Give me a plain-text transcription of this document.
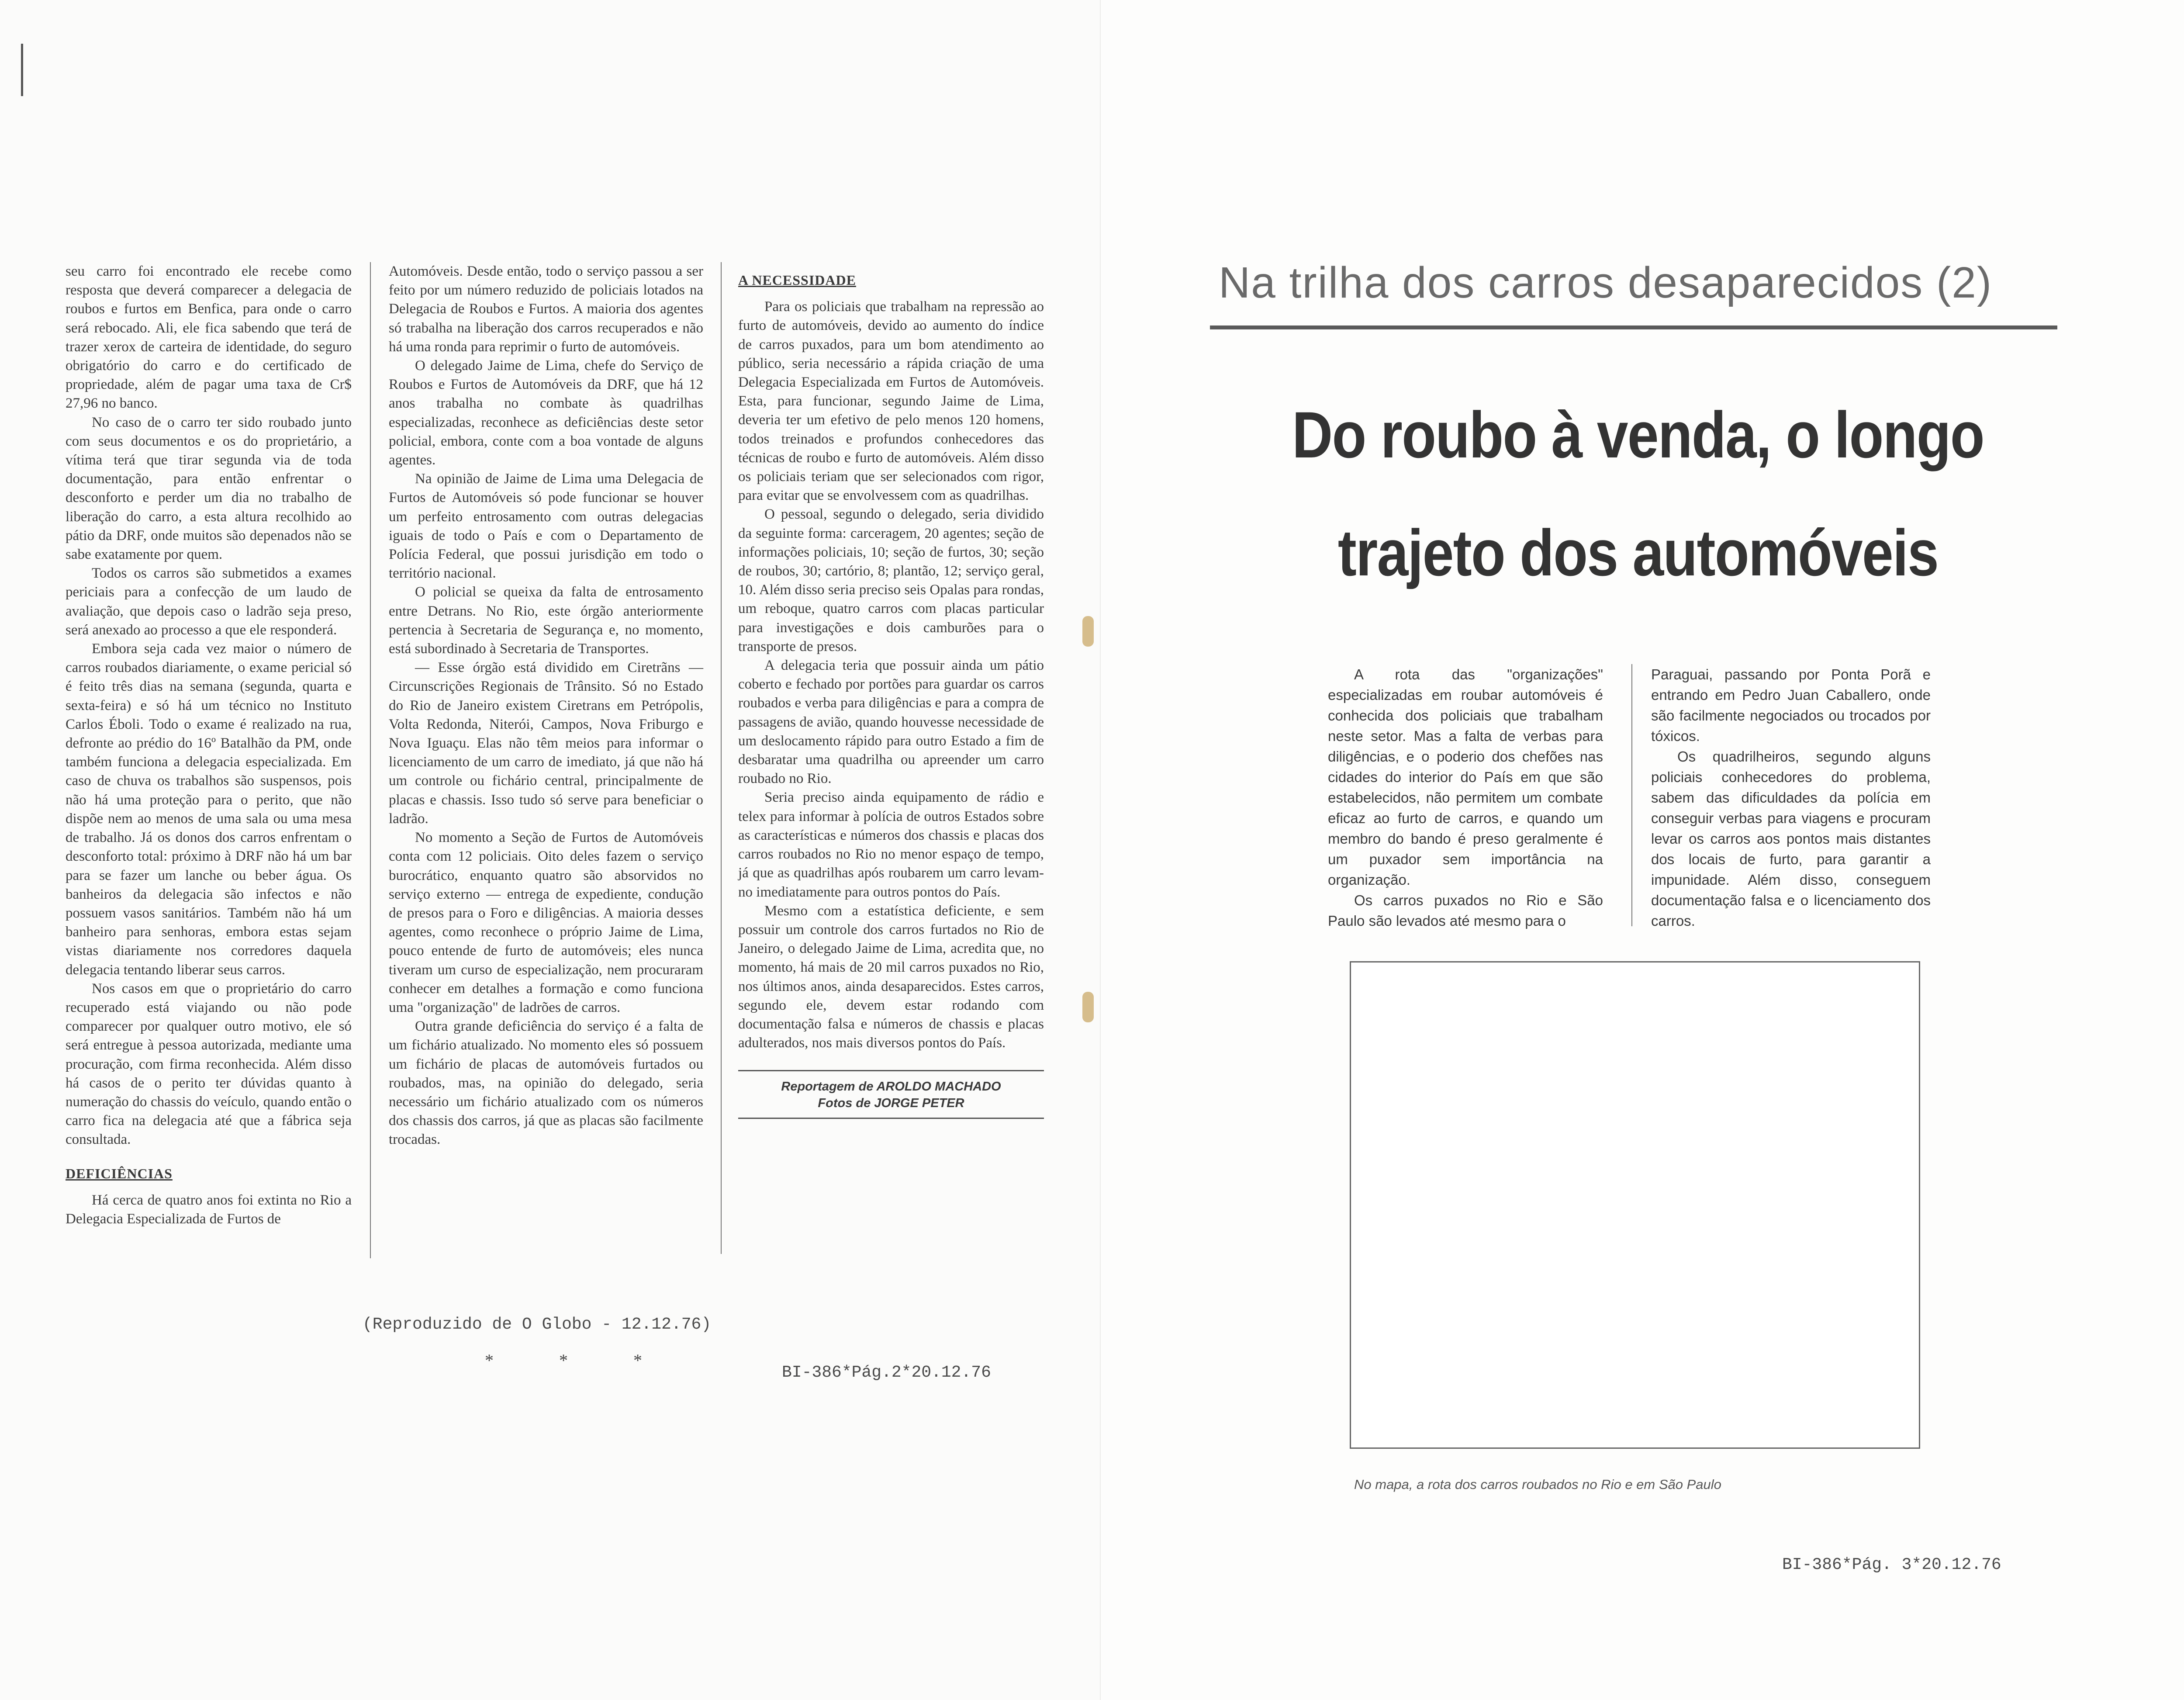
seu carro foi encontrado ele recebe como resposta que deverá comparecer a delegacia de roubos e furtos em Benfica, para onde o carro será rebocado. Ali, ele fica sabendo que terá de trazer xerox de carteira de identidade, do seguro obrigatório do carro e do certificado de propriedade, além de pagar uma taxa de Cr$ 27,96 no banco.

No caso de o carro ter sido roubado junto com seus documentos e os do proprietário, a vítima terá que tirar segunda via de toda documentação, para então enfrentar o desconforto e perder um dia no trabalho de liberação do carro, a esta altura recolhido ao pátio da DRF, onde muitos são depenados não se sabe exatamente por quem.

Todos os carros são submetidos a exames periciais para a confecção de um laudo de avaliação, que depois caso o ladrão seja preso, será anexado ao processo a que ele responderá.

Embora seja cada vez maior o número de carros roubados diariamente, o exame pericial só é feito três dias na semana (segunda, quarta e sexta-feira) e só há um técnico no Instituto Carlos Éboli. Todo o exame é realizado na rua, defronte ao prédio do 16º Batalhão da PM, onde também funciona a delegacia especializada. Em caso de chuva os trabalhos são suspensos, pois não há uma proteção para o perito, que não dispõe nem ao menos de uma sala ou uma mesa de trabalho. Já os donos dos carros enfrentam o desconforto total: próximo à DRF não há um bar para se fazer um lanche ou beber água. Os banheiros da delegacia são infectos e não possuem vasos sanitários. Também não há um banheiro para senhoras, embora estas sejam vistas diariamente nos corredores daquela delegacia tentando liberar seus carros.

Nos casos em que o proprietário do carro recuperado está viajando ou não pode comparecer por qualquer outro motivo, ele só será entregue à pessoa autorizada, mediante uma procuração, com firma reconhecida. Além disso há casos de o perito ter dúvidas quanto à numeração do chassis do veículo, quando então o carro fica na delegacia até que a fábrica seja consultada.

DEFICIÊNCIAS

Há cerca de quatro anos foi extinta no Rio a Delegacia Especializada de Furtos de

Automóveis. Desde então, todo o serviço passou a ser feito por um número reduzido de policiais lotados na Delegacia de Roubos e Furtos. A maioria dos agentes só trabalha na liberação dos carros recuperados e não há uma ronda para reprimir o furto de automóveis.

O delegado Jaime de Lima, chefe do Serviço de Roubos e Furtos de Automóveis da DRF, que há 12 anos trabalha no combate às quadrilhas especializadas, reconhece as deficiências deste setor policial, embora, conte com a boa vontade de alguns agentes.

Na opinião de Jaime de Lima uma Delegacia de Furtos de Automóveis só pode funcionar se houver um perfeito entrosamento com outras delegacias iguais de todo o País e com o Departamento de Polícia Federal, que possui jurisdição em todo o território nacional.

O policial se queixa da falta de entrosamento entre Detrans. No Rio, este órgão anteriormente pertencia à Secretaria de Segurança e, no momento, está subordinado à Secretaria de Transportes.

— Esse órgão está dividido em Ciretrãns — Circunscrições Regionais de Trânsito. Só no Estado do Rio de Janeiro existem Ciretrans em Petrópolis, Volta Redonda, Niterói, Campos, Nova Friburgo e Nova Iguaçu. Elas não têm meios para informar o licenciamento de um carro de imediato, já que não há um controle ou fichário central, principalmente de placas e chassis. Isso tudo só serve para beneficiar o ladrão.

No momento a Seção de Furtos de Automóveis conta com 12 policiais. Oito deles fazem o serviço burocrático, enquanto quatro são absorvidos no serviço externo — entrega de expediente, condução de presos para o Foro e diligências. A maioria desses agentes, como reconhece o próprio Jaime de Lima, pouco entende de furto de automóveis; eles nunca tiveram um curso de especialização, nem procuraram conhecer em detalhes a formação e como funciona uma "organização" de ladrões de carros.

Outra grande deficiência do serviço é a falta de um fichário atualizado. No momento eles só possuem um fichário de placas de automóveis furtados ou roubados, mas, na opinião do delegado, seria necessário um fichário atualizado com os números dos chassis dos carros, já que as placas são facilmente trocadas.

A NECESSIDADE

Para os policiais que trabalham na repressão ao furto de automóveis, devido ao aumento do índice de carros puxados, para um bom atendimento ao público, seria necessário a rápida criação de uma Delegacia Especializada em Furtos de Automóveis. Esta, para funcionar, segundo Jaime de Lima, deveria ter um efetivo de pelo menos 120 homens, todos treinados e profundos conhecedores das técnicas de roubo e furto de automóveis. Além disso os policiais teriam que ser selecionados com rigor, para evitar que se envolvessem com as quadrilhas.

O pessoal, segundo o delegado, seria dividido da seguinte forma: carceragem, 20 agentes; seção de informações policiais, 10; seção de furtos, 30; seção de roubos, 30; cartório, 8; plantão, 12; serviço geral, 10. Além disso seria preciso seis Opalas para rondas, um reboque, quatro carros com placas particular para investigações e dois camburões para o transporte de presos.

A delegacia teria que possuir ainda um pátio coberto e fechado por portões para guardar os carros roubados e verba para diligências e para a compra de passagens de avião, quando houvesse necessidade de um deslocamento rápido para outro Estado a fim de desbaratar uma quadrilha ou apreender um carro roubado no Rio.

Seria preciso ainda equipamento de rádio e telex para informar à polícia de outros Estados sobre as características e números dos chassis e placas dos carros roubados no Rio no menor espaço de tempo, já que as quadrilhas após roubarem um carro levam-no imediatamente para outros pontos do País.

Mesmo com a estatística deficiente, e sem possuir um controle dos carros furtados no Rio de Janeiro, o delegado Jaime de Lima, acredita que, no momento, há mais de 20 mil carros puxados no Rio, nos últimos anos, ainda desaparecidos. Estes carros, segundo ele, devem estar rodando com documentação falsa e números de chassis e placas adulterados, nos mais diversos pontos do País.

Reportagem de AROLDO MACHADO
Fotos de JORGE PETER
(Reproduzido de O Globo - 12.12.76)
* * *
BI-386*Pág.2*20.12.76
Na trilha dos carros desaparecidos (2)
Do roubo à venda, o longo trajeto dos automóveis

A rota das "organizações" especializadas em roubar automóveis é conhecida dos policiais que trabalham neste setor. Mas a falta de verbas para diligências, e o poderio dos chefões nas cidades do interior do País em que são estabelecidos, não permitem um combate eficaz ao furto de carros, e quando um membro do bando é preso geralmente é um puxador sem importância na organização.

Os carros puxados no Rio e São Paulo são levados até mesmo para o

Paraguai, passando por Ponta Porã e entrando em Pedro Juan Caballero, onde são facilmente negociados ou trocados por tóxicos.

Os quadrilheiros, segundo alguns policiais conhecedores do problema, sabem das dificuldades da polícia em conseguir verbas para viagens e procuram levar os carros aos pontos mais distantes dos locais de furto, para garantir a impunidade. Além disso, conseguem documentação falsa e o licenciamento dos carros.

No mapa, a rota dos carros roubados no Rio e em São Paulo
BI-386*Pág. 3*20.12.76
